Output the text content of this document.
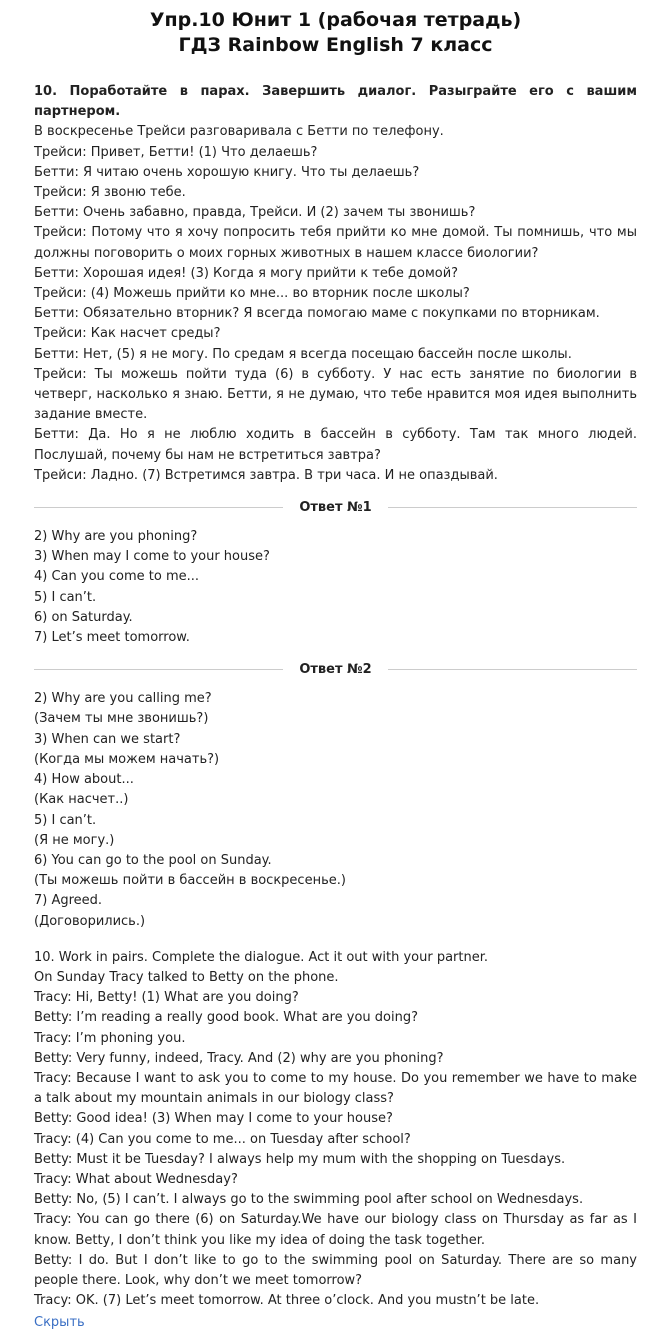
Упр.10 Юнит 1 (рабочая тетрадь)
ГДЗ Rainbow English 7 класс

10. Поработайте в парах. Завершить диалог. Разыграйте его с вашим партнером.

В воскресенье Трейси разговаривала с Бетти по телефону.

Трейси: Привет, Бетти! (1) Что делаешь?

Бетти: Я читаю очень хорошую книгу. Что ты делаешь?

Трейси: Я звоню тебе.

Бетти: Очень забавно, правда, Трейси. И (2) зачем ты звонишь?

Трейси: Потому что я хочу попросить тебя прийти ко мне домой. Ты помнишь, что мы должны поговорить о моих горных животных в нашем классе биологии?

Бетти: Хорошая идея! (3) Когда я могу прийти к тебе домой?

Трейси: (4) Можешь прийти ко мне... во вторник после школы?

Бетти: Обязательно вторник? Я всегда помогаю маме с покупками по вторникам.

Трейси: Как насчет среды?

Бетти: Нет, (5) я не могу. По средам я всегда посещаю бассейн после школы.

Трейси: Ты можешь пойти туда (6) в субботу. У нас есть занятие по биологии в четверг, насколько я знаю. Бетти, я не думаю, что тебе нравится моя идея выполнить задание вместе.

Бетти: Да. Но я не люблю ходить в бассейн в субботу. Там так много людей. Послушай, почему бы нам не встретиться завтра?

Трейси: Ладно. (7) Встретимся завтра. В три часа. И не опаздывай.

Ответ №1

2) Why are you phoning?

3) When may I come to your house?

4) Can you come to me...

5) I can’t.

6) on Saturday.

7) Let’s meet tomorrow.

Ответ №2

2) Why are you calling me?

(Зачем ты мне звонишь?)

3) When can we start?

(Когда мы можем начать?)

4) How about...

(Как насчет..)

5) I can’t.

(Я не могу.)

6) You can go to the pool on Sunday.

(Ты можешь пойти в бассейн в воскресенье.)

7) Agreed.

(Договорились.)

10. Work in pairs. Complete the dialogue. Act it out with your partner.

On Sunday Tracy talked to Betty on the phone.

Tracy: Hi, Betty! (1) What are you doing?

Betty: I’m reading a really good book. What are you doing?

Tracy: I’m phoning you.

Betty: Very funny, indeed, Tracy. And (2) why are you phoning?

Tracy: Because I want to ask you to come to my house. Do you remember we have to make a talk about my mountain animals in our biology class?

Betty: Good idea! (3) When may I come to your house?

Tracy: (4) Can you come to me... on Tuesday after school?

Betty: Must it be Tuesday? I always help my mum with the shopping on Tuesdays.

Tracy: What about Wednesday?

Betty: No, (5) I can’t. I always go to the swimming pool after school on Wednesdays.

Tracy: You can go there (6) on Saturday.We have our biology class on Thursday as far as I know. Betty, I don’t think you like my idea of doing the task together.

Betty: I do. But I don’t like to go to the swimming pool on Saturday. There are so many people there. Look, why don’t we meet tomorrow?

Tracy: OK. (7) Let’s meet tomorrow. At three o’clock. And you mustn’t be late.

Скрыть
